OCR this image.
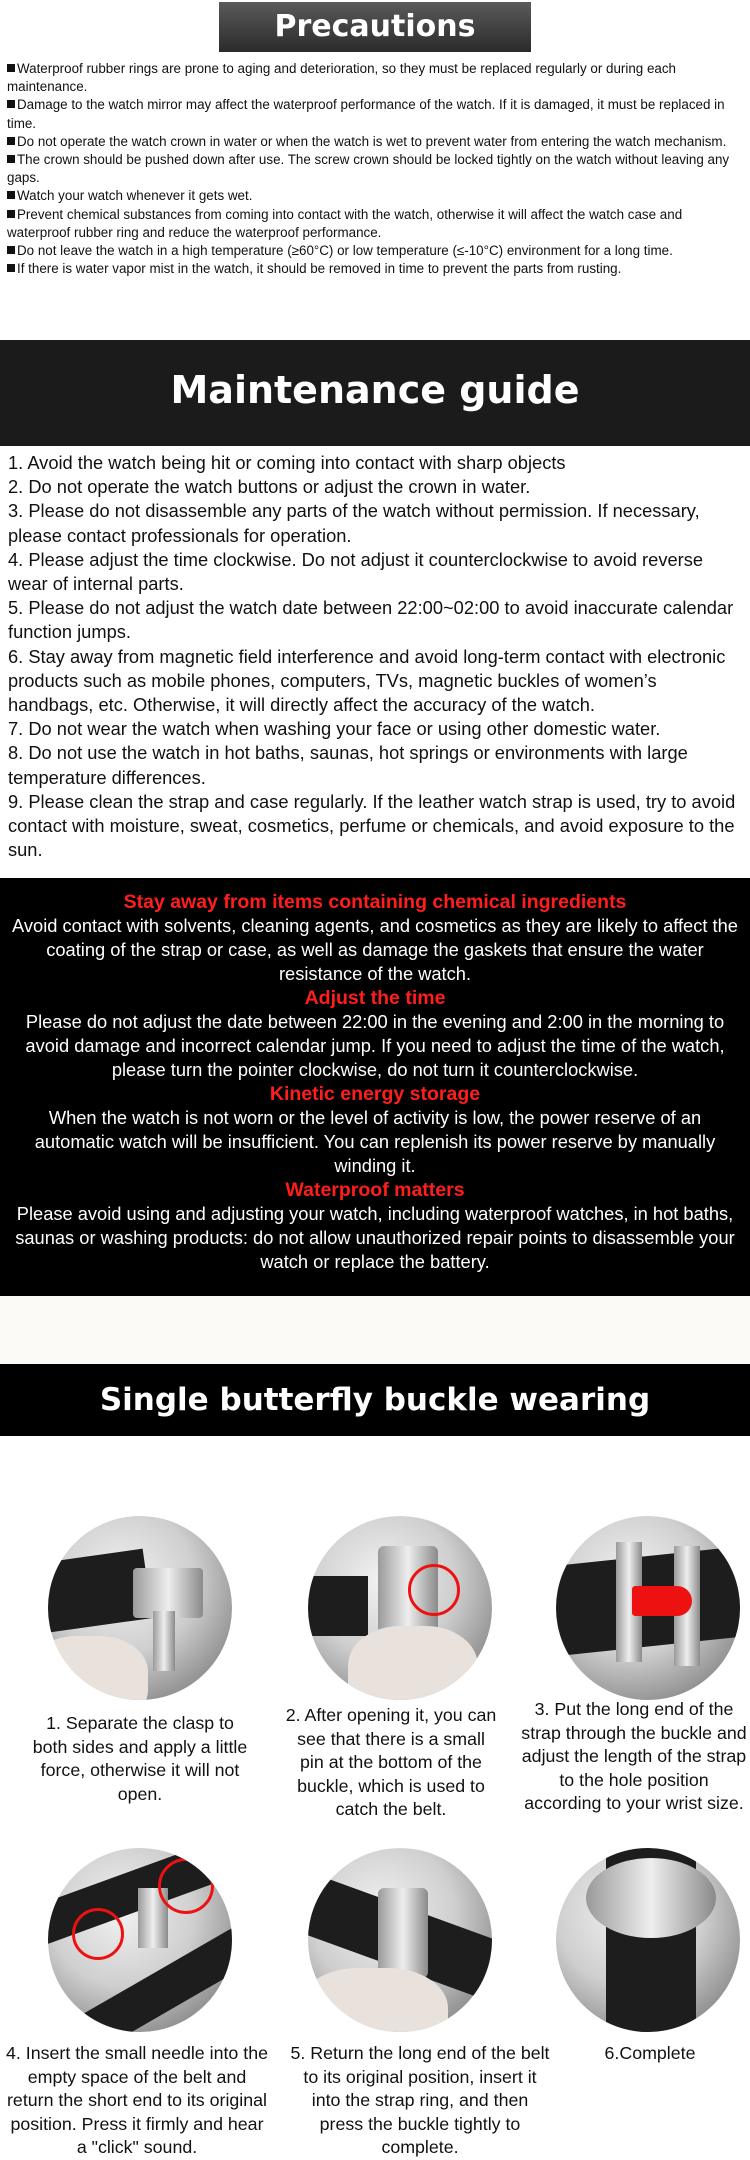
Precautions
Waterproof rubber rings are prone to aging and deterioration, so they must be replaced regularly or during each maintenance.
Damage to the watch mirror may affect the waterproof performance of the watch. If it is damaged, it must be replaced in time.
Do not operate the watch crown in water or when the watch is wet to prevent water from entering the watch mechanism.
The crown should be pushed down after use. The screw crown should be locked tightly on the watch without leaving any gaps.
Watch your watch whenever it gets wet.
Prevent chemical substances from coming into contact with the watch, otherwise it will affect the watch case and waterproof rubber ring and reduce the waterproof performance.
Do not leave the watch in a high temperature (≥60°C) or low temperature (≤-10°C) environment for a long time.
If there is water vapor mist in the watch, it should be removed in time to prevent the parts from rusting.
Maintenance guide

1. Avoid the watch being hit or coming into contact with sharp objects

2. Do not operate the watch buttons or adjust the crown in water.

3. Please do not disassemble any parts of the watch without permission. If necessary, please contact professionals for operation.

4. Please adjust the time clockwise. Do not adjust it counterclockwise to avoid reverse wear of internal parts.

5. Please do not adjust the watch date between 22:00~02:00 to avoid inaccurate calendar function jumps.

6. Stay away from magnetic field interference and avoid long-term contact with electronic products such as mobile phones, computers, TVs, magnetic buckles of women’s handbags, etc. Otherwise, it will directly affect the accuracy of the watch.

7. Do not wear the watch when washing your face or using other domestic water.

8. Do not use the watch in hot baths, saunas, hot springs or environments with large temperature differences.

9. Please clean the strap and case regularly. If the leather watch strap is used, try to avoid contact with moisture, sweat, cosmetics, perfume or chemicals, and avoid exposure to the sun.

Stay away from items containing chemical ingredients
Avoid contact with solvents, cleaning agents, and cosmetics as they are likely to affect the coating of the strap or case, as well as damage the gaskets that ensure the water resistance of the watch.
Adjust the time
Please do not adjust the date between 22:00 in the evening and 2:00 in the morning to avoid damage and incorrect calendar jump. If you need to adjust the time of the watch, please turn the pointer clockwise, do not turn it counterclockwise.
Kinetic energy storage
When the watch is not worn or the level of activity is low, the power reserve of an automatic watch will be insufficient. You can replenish its power reserve by manually winding it.
Waterproof matters
Please avoid using and adjusting your watch, including waterproof watches, in hot baths, saunas or washing products: do not allow unauthorized repair points to disassemble your watch or replace the battery.
Single butterfly buckle wearing
1. Separate the clasp to both sides and apply a little force, otherwise it will not open.
2. After opening it, you can see that there is a small pin at the bottom of the buckle, which is used to catch the belt.
3. Put the long end of the strap through the buckle and adjust the length of the strap to the hole position according to your wrist size.
4. Insert the small needle into the empty space of the belt and return the short end to its original position. Press it firmly and hear a "click" sound.
5. Return the long end of the belt to its original position, insert it into the strap ring, and then press the buckle tightly to complete.
6.Complete
